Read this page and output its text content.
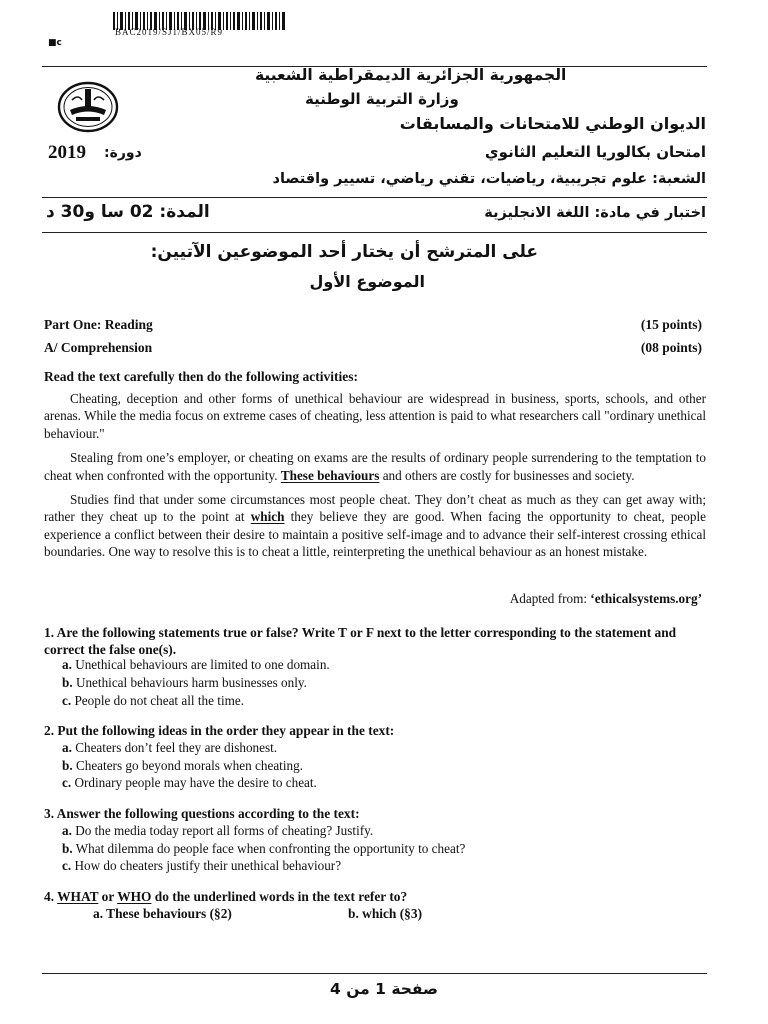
BAC2019/SJ1/BX05/R9
■c
الجمهورية الجزائرية الديمقراطية الشعبية
وزارة التربية الوطنية
الديوان الوطني للامتحانات والمسابقات
امتحان بكالوريا التعليم الثانوي
دورة:
2019
الشعبة: علوم تجريبية، رياضيات، تقني رياضي، تسيير واقتصاد
اختبار في مادة: اللغة الانجليزية
المدة: 02 سا و30 د
على المترشح أن يختار أحد الموضوعين الآتيين:
الموضوع الأول
Part One: Reading	(15 points)
A/ Comprehension	(08 points)
Read the text carefully then do the following activities:

Cheating, deception and other forms of unethical behaviour are widespread in business, sports, schools, and other arenas. While the media focus on extreme cases of cheating, less attention is paid to what researchers call "ordinary unethical behaviour."

Stealing from one’s employer, or cheating on exams are the results of ordinary people surrendering to the temptation to cheat when confronted with the opportunity. These behaviours and others are costly for businesses and society.

Studies find that under some circumstances most people cheat. They don’t cheat as much as they can get away with; rather they cheat up to the point at which they believe they are good. When facing the opportunity to cheat, people experience a conflict between their desire to maintain a positive self-image and to advance their self-interest crossing ethical boundaries. One way to resolve this is to cheat a little, reinterpreting the unethical behaviour as an honest mistake.

Adapted from: ‘ethicalsystems.org’
1. Are the following statements true or false? Write T or F next to the letter corresponding to the statement and correct the false one(s).
a. Unethical behaviours are limited to one domain.
b. Unethical behaviours harm businesses only.
c. People do not cheat all the time.
2. Put the following ideas in the order they appear in the text:
a. Cheaters don’t feel they are dishonest.
b. Cheaters go beyond morals when cheating.
c. Ordinary people may have the desire to cheat.
3. Answer the following questions according to the text:
a. Do the media today report all forms of cheating? Justify.
b. What dilemma do people face when confronting the opportunity to cheat?
c. How do cheaters justify their unethical behaviour?
4. WHAT or WHO do the underlined words in the text refer to?
a. These behaviours (§2)	b. which (§3)
صفحة 1 من 4
